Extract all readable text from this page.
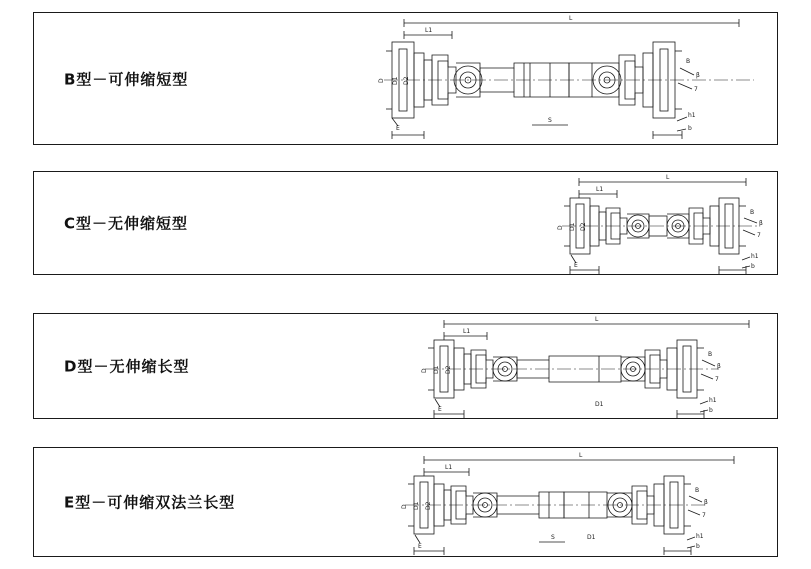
B型－可伸缩短型
L
L1
S
B
β
7
h1
b
D D1 D2
E
C型－无伸缩短型
L
L1
B
β
7
h1
b
D D1 D2
E
D型－无伸缩长型
L
L1
B
β
7
h1
b
D D1 D2
E
D1
E型－可伸缩双法兰长型
L
L1
S	D1
B
β
7
h1
b
D D1 D2
E
